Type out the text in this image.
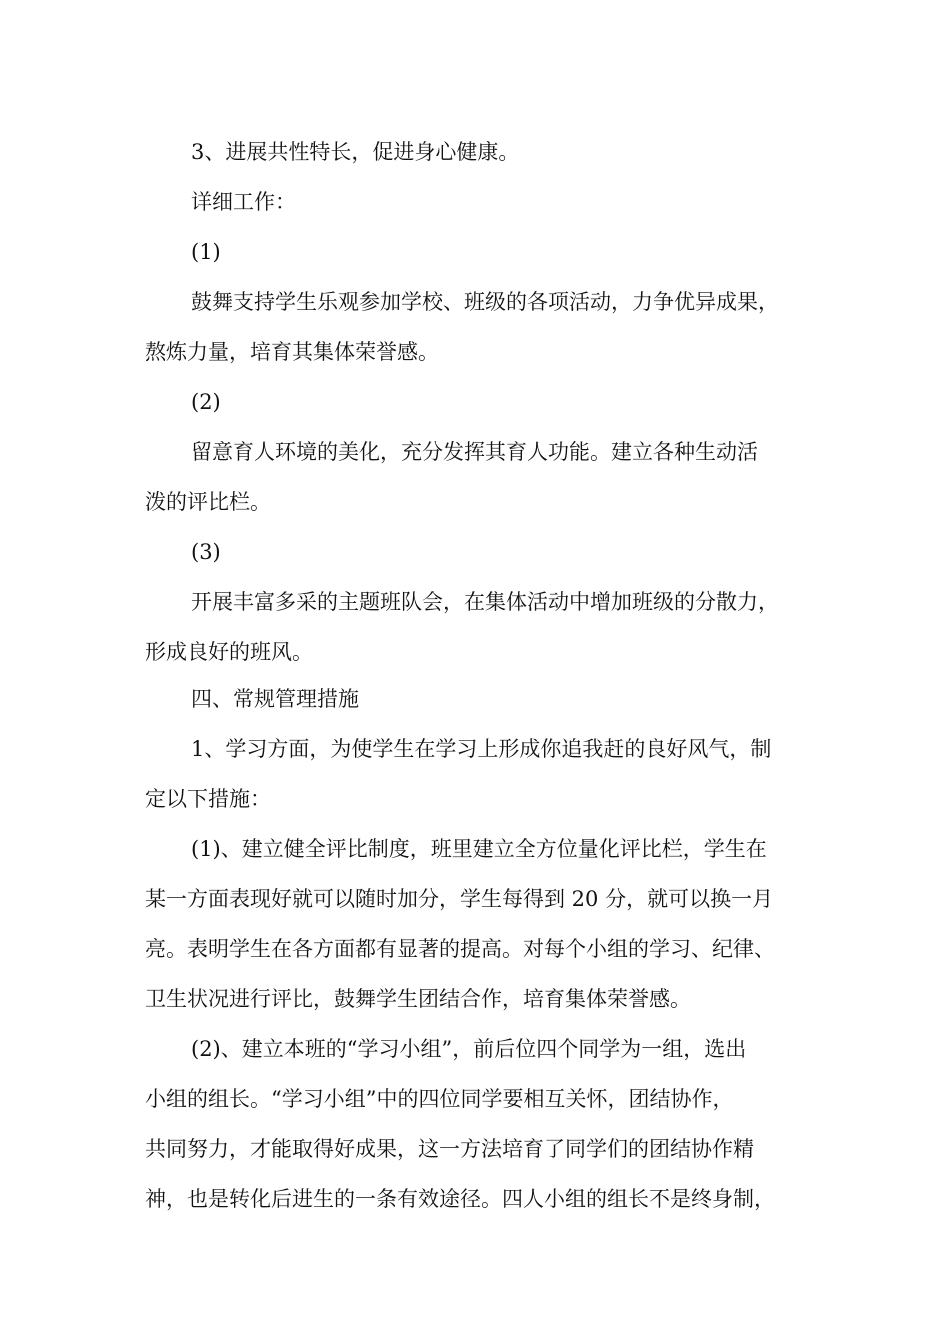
3、进展共性特长，促进身心健康。
详细工作：
(1)
鼓舞支持学生乐观参加学校、班级的各项活动，力争优异成果，
熬炼力量，培育其集体荣誉感。
(2)
留意育人环境的美化，充分发挥其育人功能。建立各种生动活
泼的评比栏。
(3)
开展丰富多采的主题班队会，在集体活动中增加班级的分散力，
形成良好的班风。
四、常规管理措施
1、学习方面，为使学生在学习上形成你追我赶的良好风气，制
定以下措施：
(1)、建立健全评比制度，班里建立全方位量化评比栏，学生在
某一方面表现好就可以随时加分，学生每得到 20 分，就可以换一月
亮。表明学生在各方面都有显著的提高。对每个小组的学习、纪律、
卫生状况进行评比，鼓舞学生团结合作，培育集体荣誉感。
(2)、建立本班的“学习小组”，前后位四个同学为一组，选出
小组的组长。“学习小组”中的四位同学要相互关怀，团结协作，
共同努力，才能取得好成果，这一方法培育了同学们的团结协作精
神，也是转化后进生的一条有效途径。四人小组的组长不是终身制，
